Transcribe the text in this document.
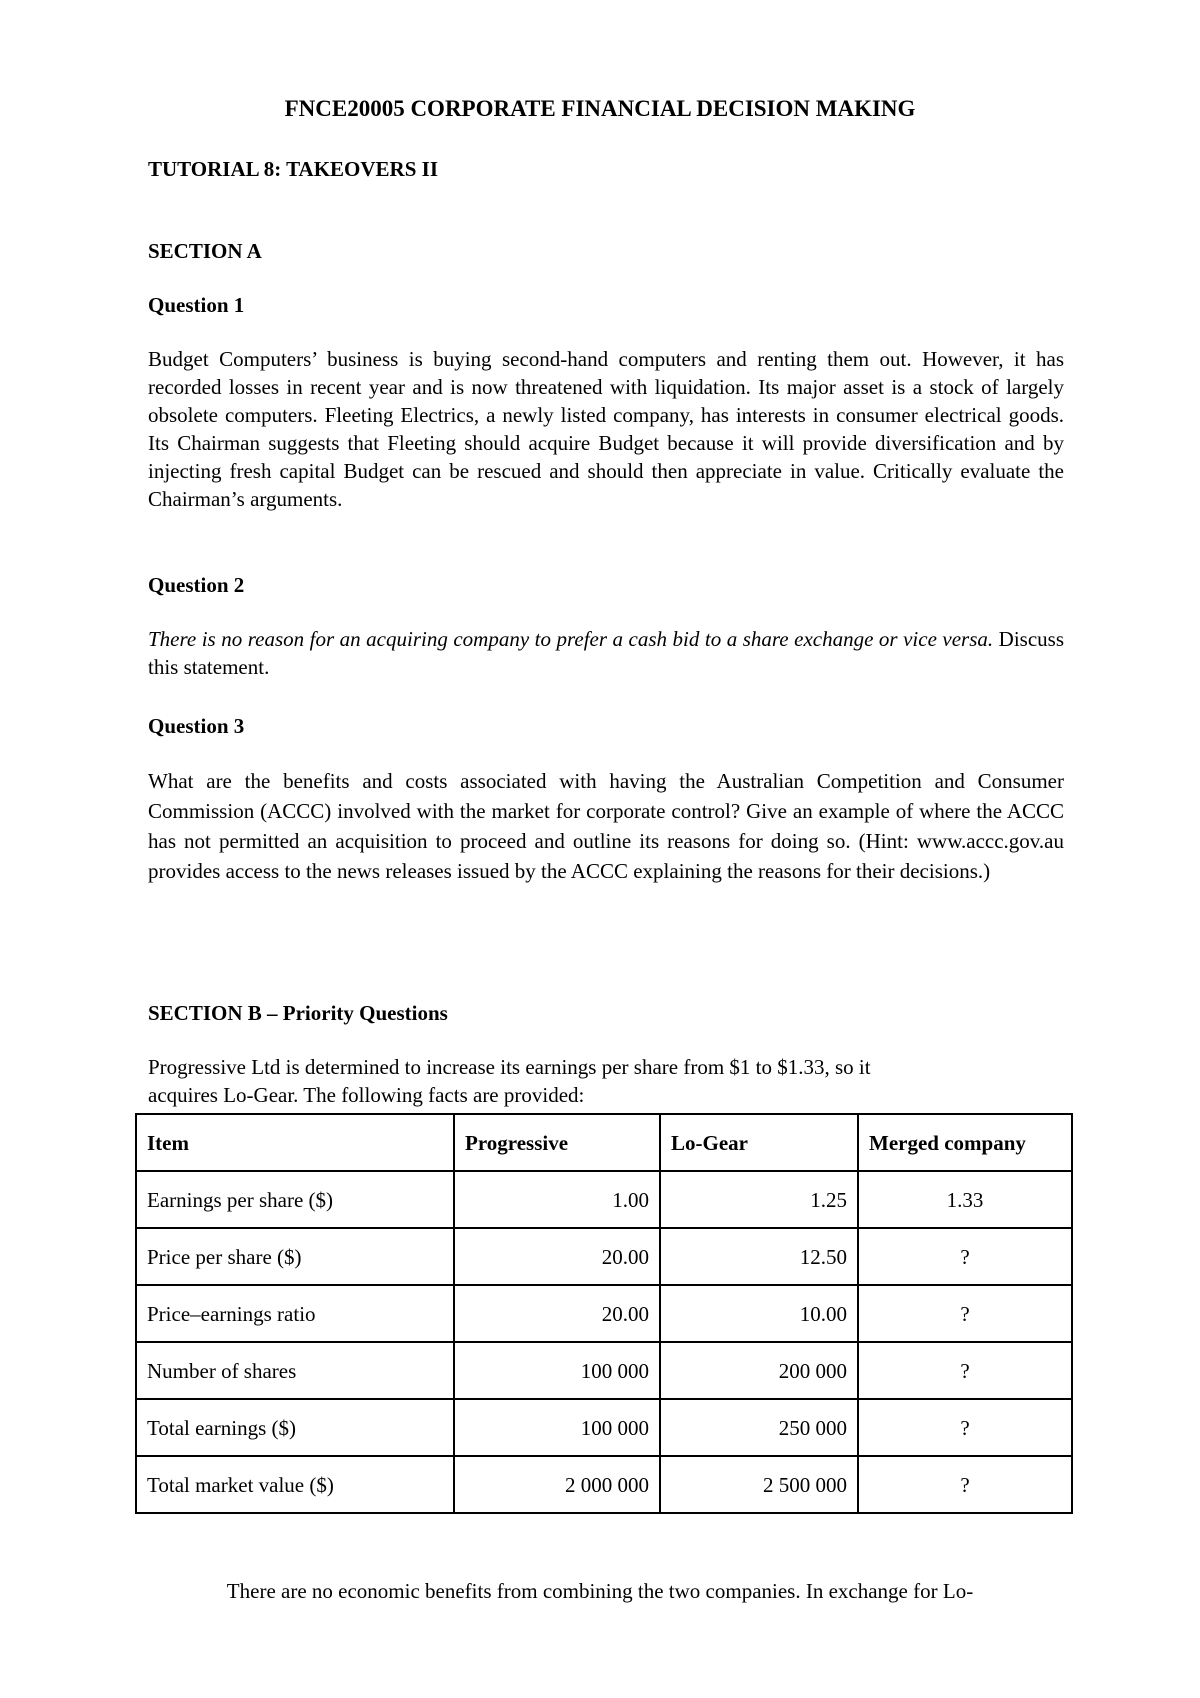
FNCE20005 CORPORATE FINANCIAL DECISION MAKING

TUTORIAL 8: TAKEOVERS II

SECTION A

Question 1

Budget Computers’ business is buying second-hand computers and renting them out. However, it has recorded losses in recent year and is now threatened with liquidation. Its major asset is a stock of largely obsolete computers. Fleeting Electrics, a newly listed company, has interests in consumer electrical goods. Its Chairman suggests that Fleeting should acquire Budget because it will provide diversification and by injecting fresh capital Budget can be rescued and should then appreciate in value. Critically evaluate the Chairman’s arguments.

Question 2

There is no reason for an acquiring company to prefer a cash bid to a share exchange or vice versa. Discuss this statement.

Question 3

What are the benefits and costs associated with having the Australian Competition and Consumer Commission (ACCC) involved with the market for corporate control? Give an example of where the ACCC has not permitted an acquisition to proceed and outline its reasons for doing so. (Hint: www.accc.gov.au provides access to the news releases issued by the ACCC explaining the reasons for their decisions.)

SECTION B – Priority Questions

Progressive Ltd is determined to increase its earnings per share from $1 to $1.33, so it

acquires Lo-Gear. The following facts are provided:

Item	Progressive	Lo-Gear	Merged company
Earnings per share ($)	1.00	1.25	1.33
Price per share ($)	20.00	12.50	?
Price–earnings ratio	20.00	10.00	?
Number of shares	100 000	200 000	?
Total earnings ($)	100 000	250 000	?
Total market value ($)	2 000 000	2 500 000	?

There are no economic benefits from combining the two companies. In exchange for Lo-
